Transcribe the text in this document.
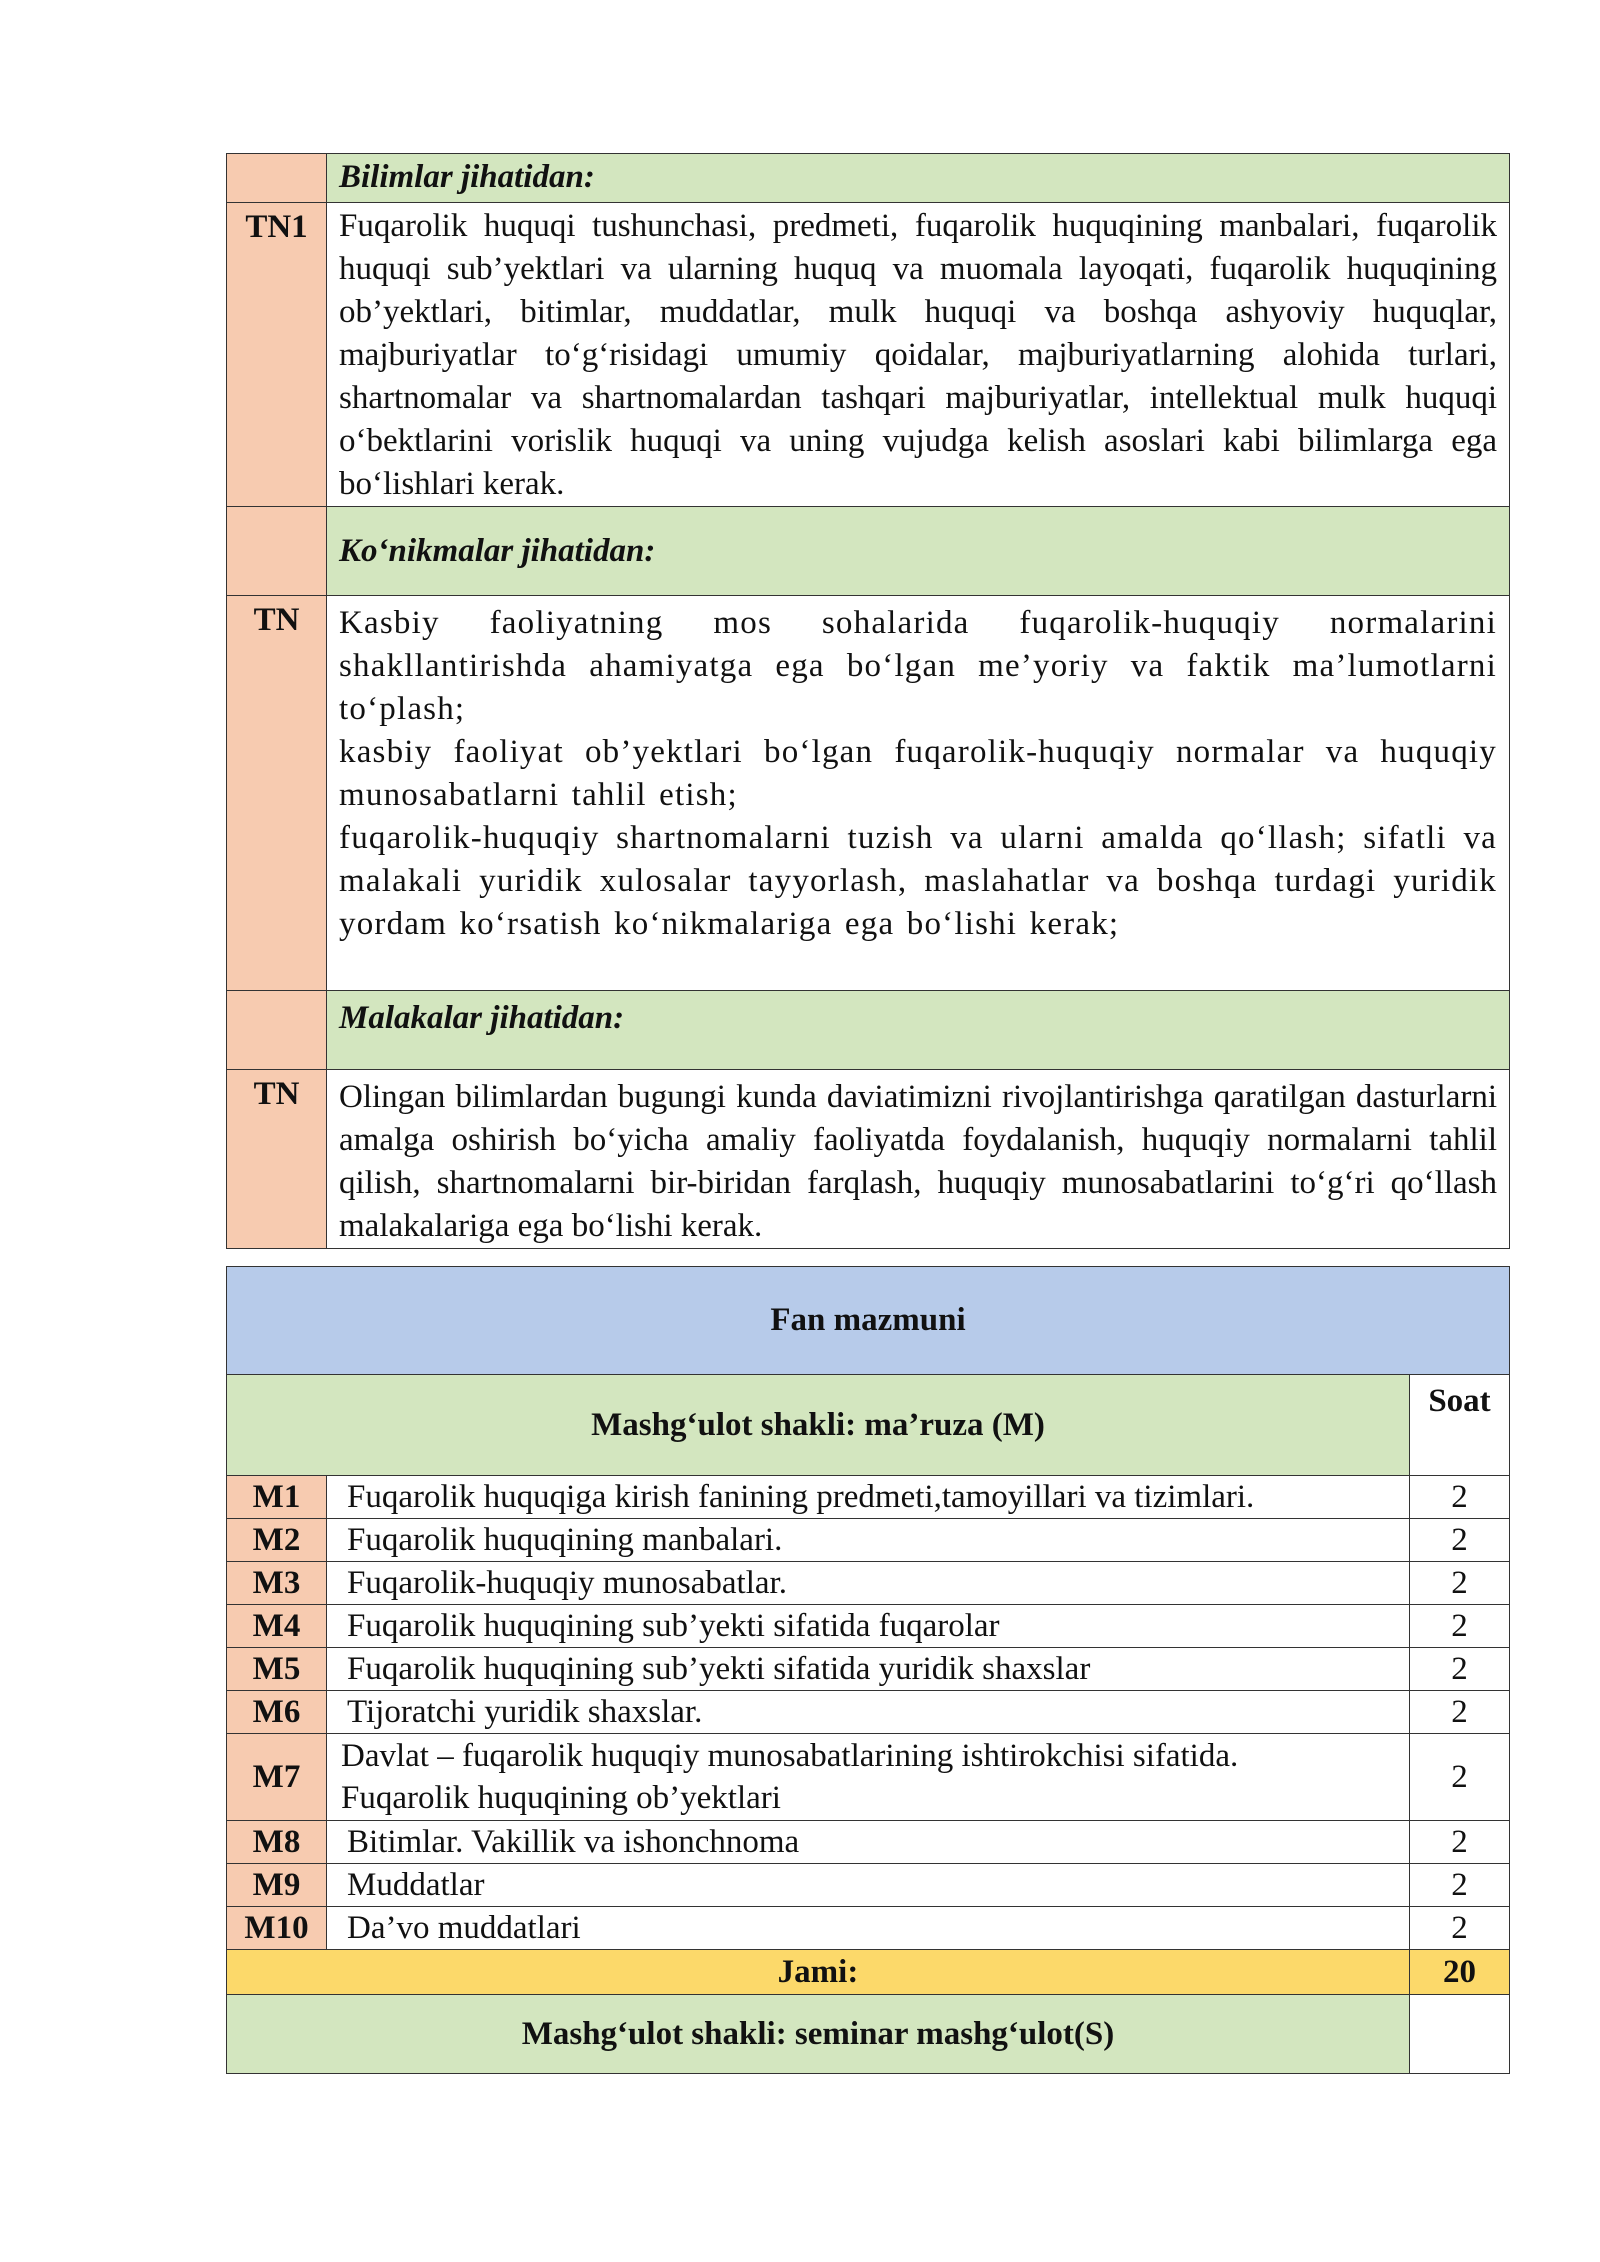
	Bilimlar jihatidan:
TN1	Fuqarolik huquqi tushunchasi, predmeti, fuqarolik huquqining manbalari, fuqarolik huquqi sub’yektlari va ularning huquq va muomala layoqati, fuqarolik huquqining ob’yektlari, bitimlar, muddatlar, mulk huquqi va boshqa ashyoviy huquqlar, majburiyatlar to‘g‘risidagi umumiy qoidalar, majburiyatlarning alohida turlari, shartnomalar va shartnomalardan tashqari majburiyatlar, intellektual mulk huquqi o‘bektlarini vorislik huquqi va uning vujudga kelish asoslari kabi bilimlarga ega bo‘lishlari kerak.
	Ko‘nikmalar jihatidan:
TN	Kasbiy faoliyatning mos sohalarida fuqarolik-huquqiy normalarini shakllantirishda ahamiyatga ega bo‘lgan me’yoriy va faktik ma’lumotlarni to‘plash;

kasbiy faoliyat ob’yektlari bo‘lgan fuqarolik-huquqiy normalar va huquqiy munosabatlarni tahlil etish;

fuqarolik-huquqiy shartnomalarni tuzish va ularni amalda qo‘llash; sifatli va malakali yuridik xulosalar tayyorlash, maslahatlar va boshqa turdagi yuridik yordam ko‘rsatish ko‘nikmalariga ega bo‘lishi kerak;

	Malakalar jihatidan:
TN	Olingan bilimlardan bugungi kunda daviatimizni rivojlantirishga qaratilgan dasturlarni amalga oshirish bo‘yicha amaliy faoliyatda foydalanish, huquqiy normalarni tahlil qilish, shartnomalarni bir-biridan farqlash, huquqiy munosabatlarini to‘g‘ri qo‘llash malakalariga ega bo‘lishi kerak.
Fan mazmuni		
Mashg‘ulot shakli: ma’ruza (M)		Soat
M1	Fuqarolik huquqiga kirish fanining predmeti,tamoyillari va tizimlari.	2
M2	Fuqarolik huquqining manbalari.	2
M3	Fuqarolik-huquqiy munosabatlar.	2
M4	Fuqarolik huquqining sub’yekti sifatida fuqarolar	2
M5	Fuqarolik huquqining sub’yekti sifatida yuridik shaxslar	2
M6	Tijoratchi yuridik shaxslar.	2
M7	Davlat – fuqarolik huquqiy munosabatlarining ishtirokchisi sifatida.
Fuqarolik huquqining ob’yektlari	2
M8	Bitimlar. Vakillik va ishonchnoma	2
M9	Muddatlar	2
M10	Da’vo muddatlari	2
Jami:		20
Mashg‘ulot shakli: seminar mashg‘ulot(S)		
